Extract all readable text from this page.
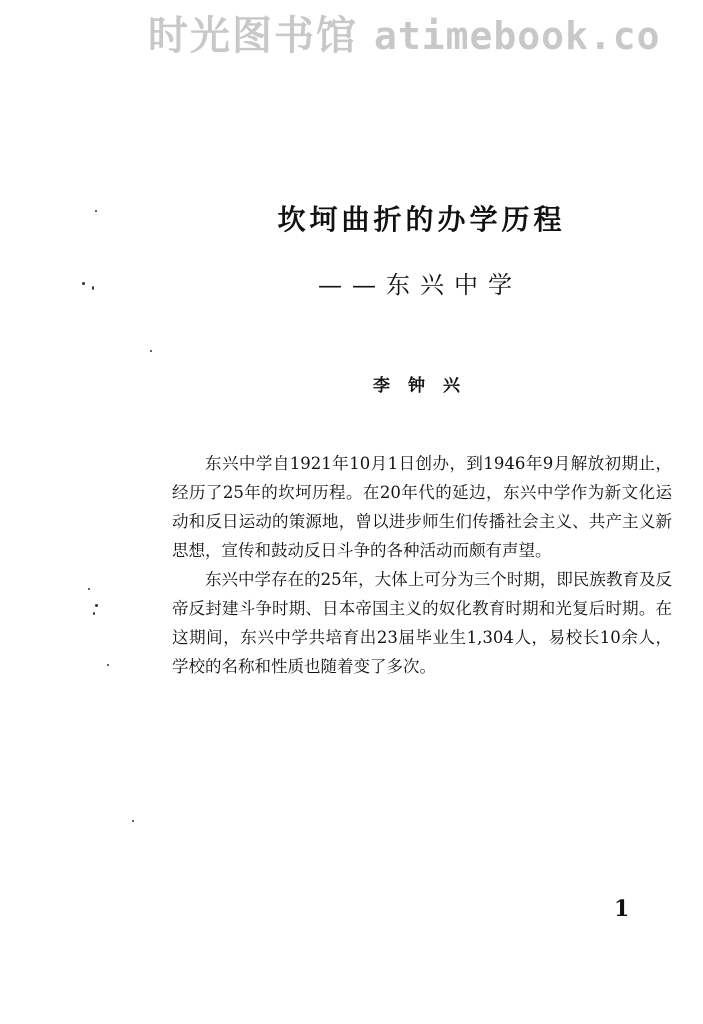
时光图书馆 atimebook.co
坎坷曲折的办学历程
——东兴中学
李钟兴

东兴中学自1921年10月1日创办，到1946年9月解放初期止，经历了25年的坎坷历程。在20年代的延边，东兴中学作为新文化运动和反日运动的策源地，曾以进步师生们传播社会主义、共产主义新思想，宣传和鼓动反日斗争的各种活动而颇有声望。

东兴中学存在的25年，大体上可分为三个时期，即民族教育及反帝反封建斗争时期、日本帝国主义的奴化教育时期和光复后时期。在这期间，东兴中学共培育出23届毕业生1,304人，易校长10余人，学校的名称和性质也随着变了多次。

1
